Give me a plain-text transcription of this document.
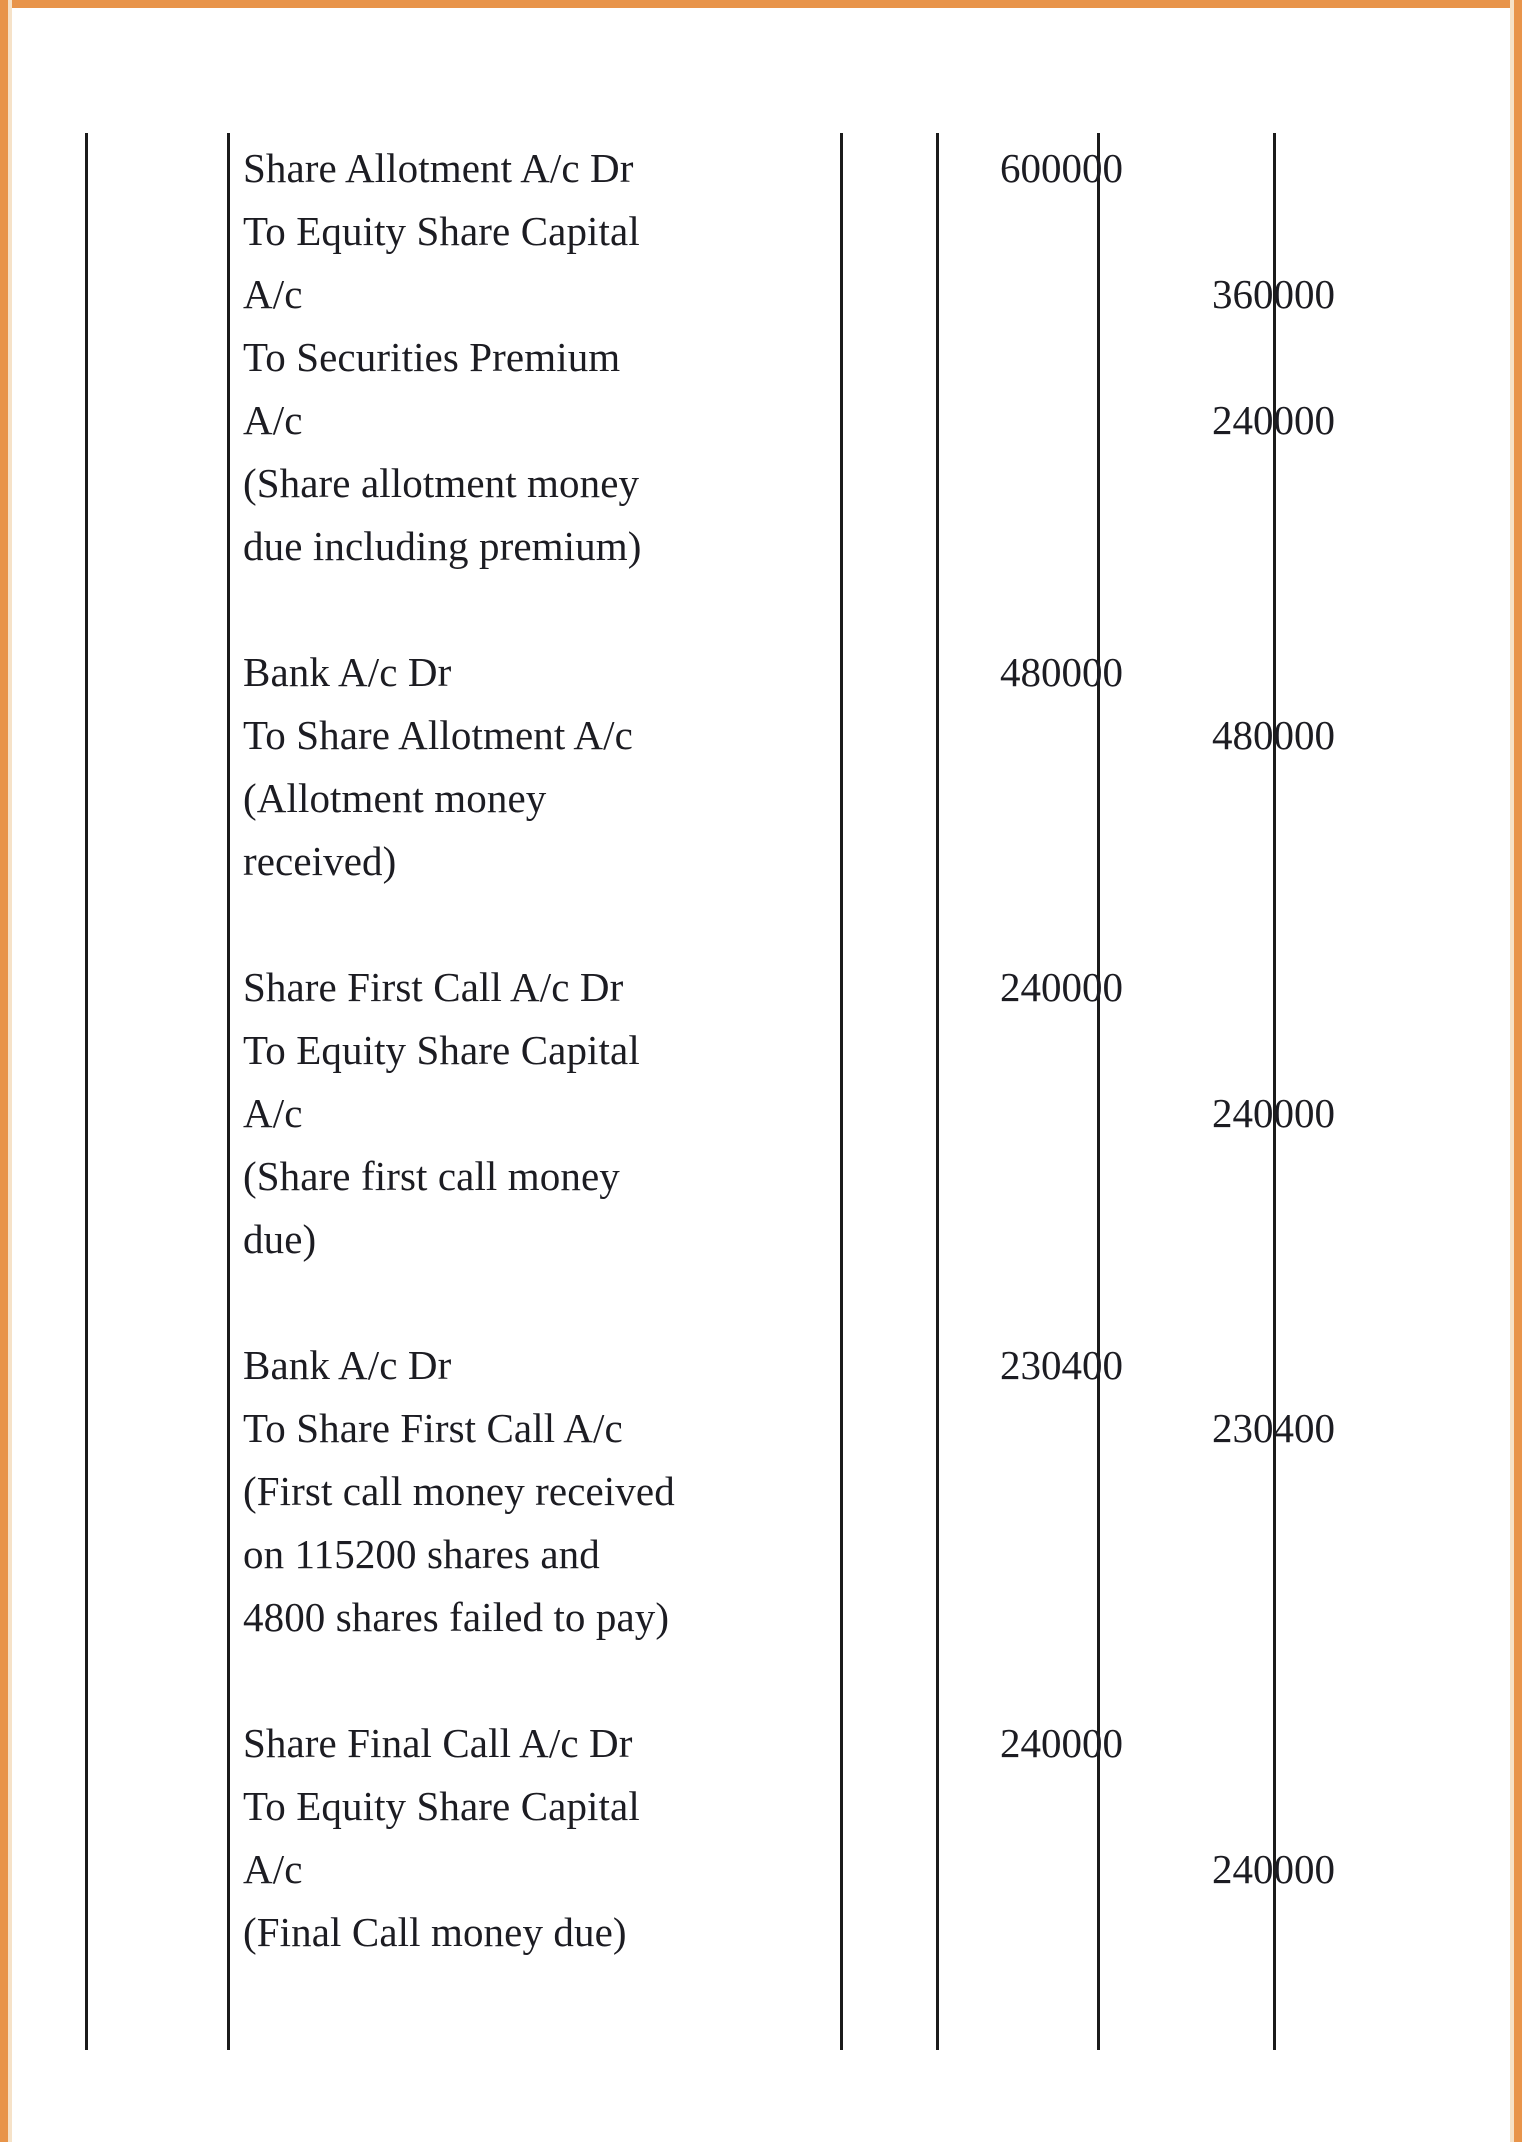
Share Allotment A/c Dr
To Equity Share Capital
A/c
To Securities Premium
A/c
(Share allotment money
due including premium)

Bank A/c Dr
To Share Allotment A/c
(Allotment money
received)

Share First Call A/c Dr
To Equity Share Capital
A/c
(Share first call money
due)

Bank A/c Dr
To Share First Call A/c
(First call money received
on 115200 shares and
4800 shares failed to pay)

Share Final Call A/c Dr
To Equity Share Capital
A/c
(Final Call money due)
600000

480000

240000

230400

240000

360000

240000

480000

240000

230400

240000
